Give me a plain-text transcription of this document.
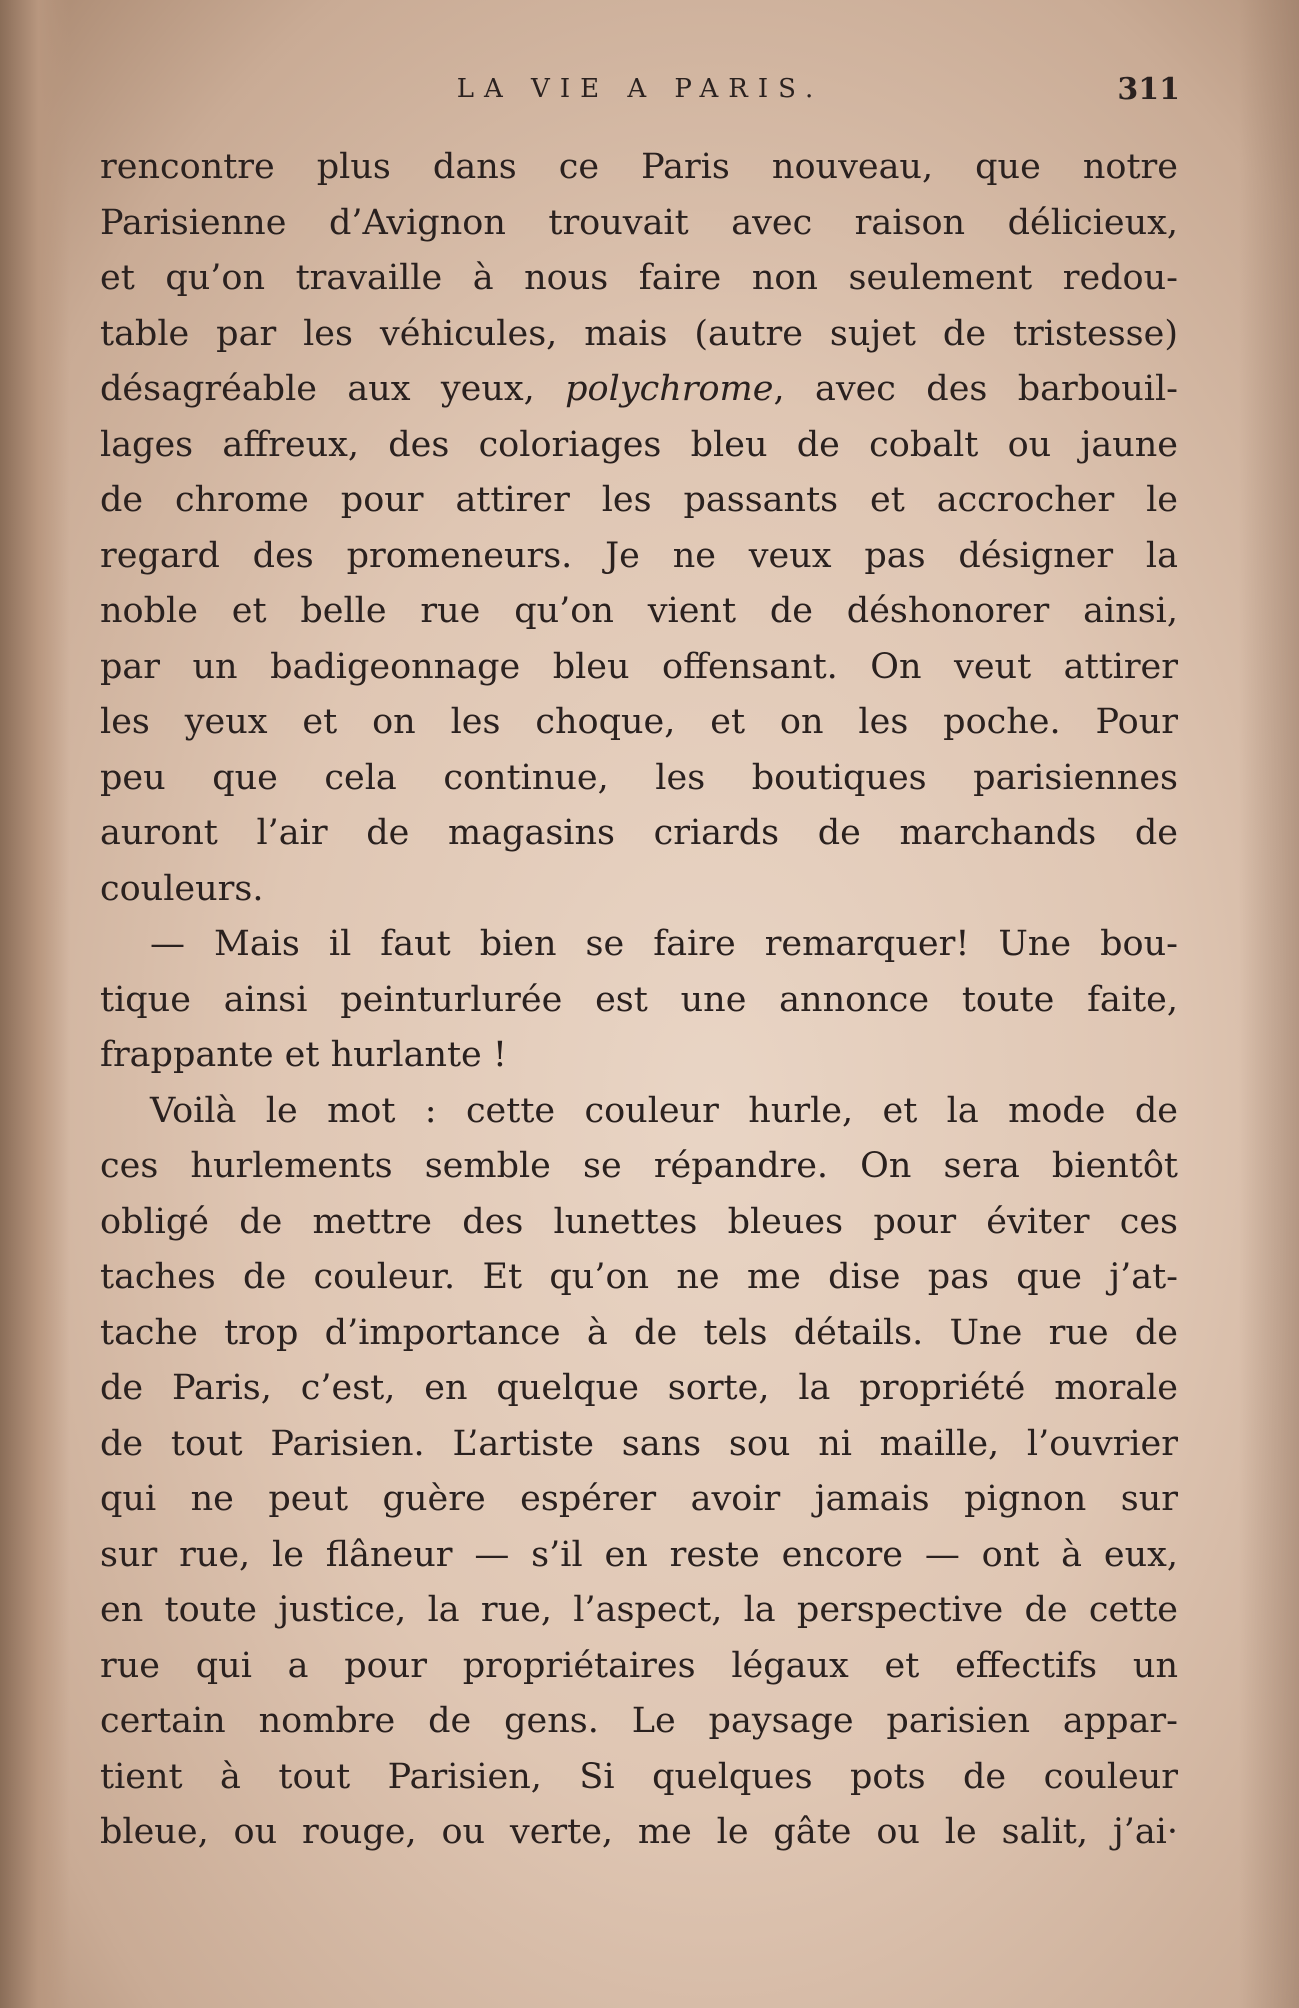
LA VIE A PARIS.	311
rencontre plus dans ce Paris nouveau, que notre
Parisienne d’Avignon trouvait avec raison délicieux,
et qu’on travaille à nous faire non seulement redou-
table par les véhicules, mais (autre sujet de tristesse)
désagréable aux yeux, polychrome, avec des barbouil-
lages affreux, des coloriages bleu de cobalt ou jaune
de chrome pour attirer les passants et accrocher le
regard des promeneurs. Je ne veux pas désigner la
noble et belle rue qu’on vient de déshonorer ainsi,
par un badigeonnage bleu offensant. On veut attirer
les yeux et on les choque, et on les poche. Pour
peu que cela continue, les boutiques parisiennes
auront l’air de magasins criards de marchands de
couleurs.
— Mais il faut bien se faire remarquer! Une bou-
tique ainsi peinturlurée est une annonce toute faite,
frappante et hurlante !
Voilà le mot : cette couleur hurle, et la mode de
ces hurlements semble se répandre. On sera bientôt
obligé de mettre des lunettes bleues pour éviter ces
taches de couleur. Et qu’on ne me dise pas que j’at-
tache trop d’importance à de tels détails. Une rue de
de Paris, c’est, en quelque sorte, la propriété morale
de tout Parisien. L’artiste sans sou ni maille, l’ouvrier
qui ne peut guère espérer avoir jamais pignon sur
sur rue, le flâneur — s’il en reste encore — ont à eux,
en toute justice, la rue, l’aspect, la perspective de cette
rue qui a pour propriétaires légaux et effectifs un
certain nombre de gens. Le paysage parisien appar-
tient à tout Parisien, Si quelques pots de couleur
bleue, ou rouge, ou verte, me le gâte ou le salit, j’ai·
